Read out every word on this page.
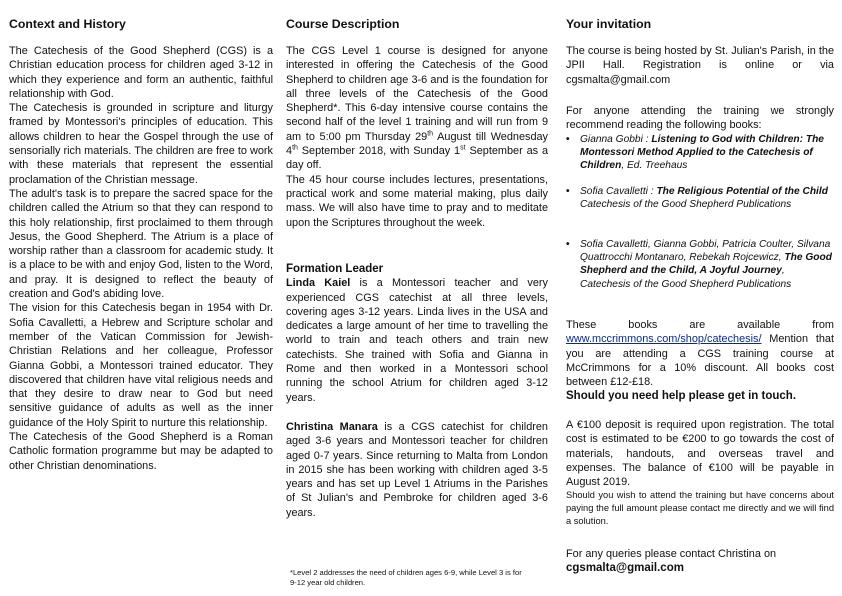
Context and History

The Catechesis of the Good Shepherd (CGS) is a Christian education process for children aged 3-12 in which they experience and form an authentic, faithful relationship with God.

The Catechesis is grounded in scripture and liturgy framed by Montessori's principles of education. This allows children to hear the Gospel through the use of sensorially rich materials. The children are free to work with these materials that represent the essential proclamation of the Christian message.

The adult's task is to prepare the sacred space for the children called the Atrium so that they can respond to this holy relationship, first proclaimed to them through Jesus, the Good Shepherd. The Atrium is a place of worship rather than a classroom for academic study. It is a place to be with and enjoy God, listen to the Word, and pray. It is designed to reflect the beauty of creation and God's abiding love.

The vision for this Catechesis began in 1954 with Dr. Sofia Cavalletti, a Hebrew and Scripture scholar and member of the Vatican Commission for Jewish-Christian Relations and her colleague, Professor Gianna Gobbi, a Montessori trained educator. They discovered that children have vital religious needs and that they desire to draw near to God but need sensitive guidance of adults as well as the inner guidance of the Holy Spirit to nurture this relationship.

The Catechesis of the Good Shepherd is a Roman Catholic formation programme but may be adapted to other Christian denominations.

Course Description

The CGS Level 1 course is designed for anyone interested in offering the Catechesis of the Good Shepherd to children age 3-6 and is the foundation for all three levels of the Catechesis of the Good Shepherd*. This 6-day intensive course contains the second half of the level 1 training and will run from 9 am to 5:00 pm Thursday 29th August till Wednesday 4th September 2018, with Sunday 1st September as a day off.

The 45 hour course includes lectures, presentations, practical work and some material making, plus daily mass. We will also have time to pray and to meditate upon the Scriptures throughout the week.

Formation Leader

Linda Kaiel is a Montessori teacher and very experienced CGS catechist at all three levels, covering ages 3-12 years. Linda lives in the USA and dedicates a large amount of her time to travelling the world to train and teach others and train new catechists. She trained with Sofia and Gianna in Rome and then worked in a Montessori school running the school Atrium for children aged 3-12 years.

Christina Manara is a CGS catechist for children aged 3-6 years and Montessori teacher for children aged 0-7 years. Since returning to Malta from London in 2015 she has been working with children aged 3-5 years and has set up Level 1 Atriums in the Parishes of St Julian's and Pembroke for children aged 3-6 years.

*Level 2 addresses the need of children ages 6-9, while Level 3 is for 9-12 year old children.
Your invitation

The course is being hosted by St. Julian's Parish, in the JPII Hall. Registration is online or via cgsmalta@gmail.com

For anyone attending the training we strongly recommend reading the following books:

• Gianna Gobbi : Listening to God with Children: The Montessori Method Applied to the Catechesis of Children, Ed. Treehaus
• Sofia Cavalletti : The Religious Potential of the Child Catechesis of the Good Shepherd Publications
• Sofia Cavalletti, Gianna Gobbi, Patricia Coulter, Silvana Quattrocchi Montanaro, Rebekah Rojcewicz, The Good Shepherd and the Child, A Joyful Journey, Catechesis of the Good Shepherd Publications

These books are available from www.mccrimmons.com/shop/catechesis/ Mention that you are attending a CGS training course at McCrimmons for a 10% discount. All books cost between £12-£18.

Should you need help please get in touch.

A €100 deposit is required upon registration. The total cost is estimated to be €200 to go towards the cost of materials, handouts, and overseas travel and expenses. The balance of €100 will be payable in August 2019.

Should you wish to attend the training but have concerns about paying the full amount please contact me directly and we will find a solution.

For any queries please contact Christina on
cgsmalta@gmail.com
